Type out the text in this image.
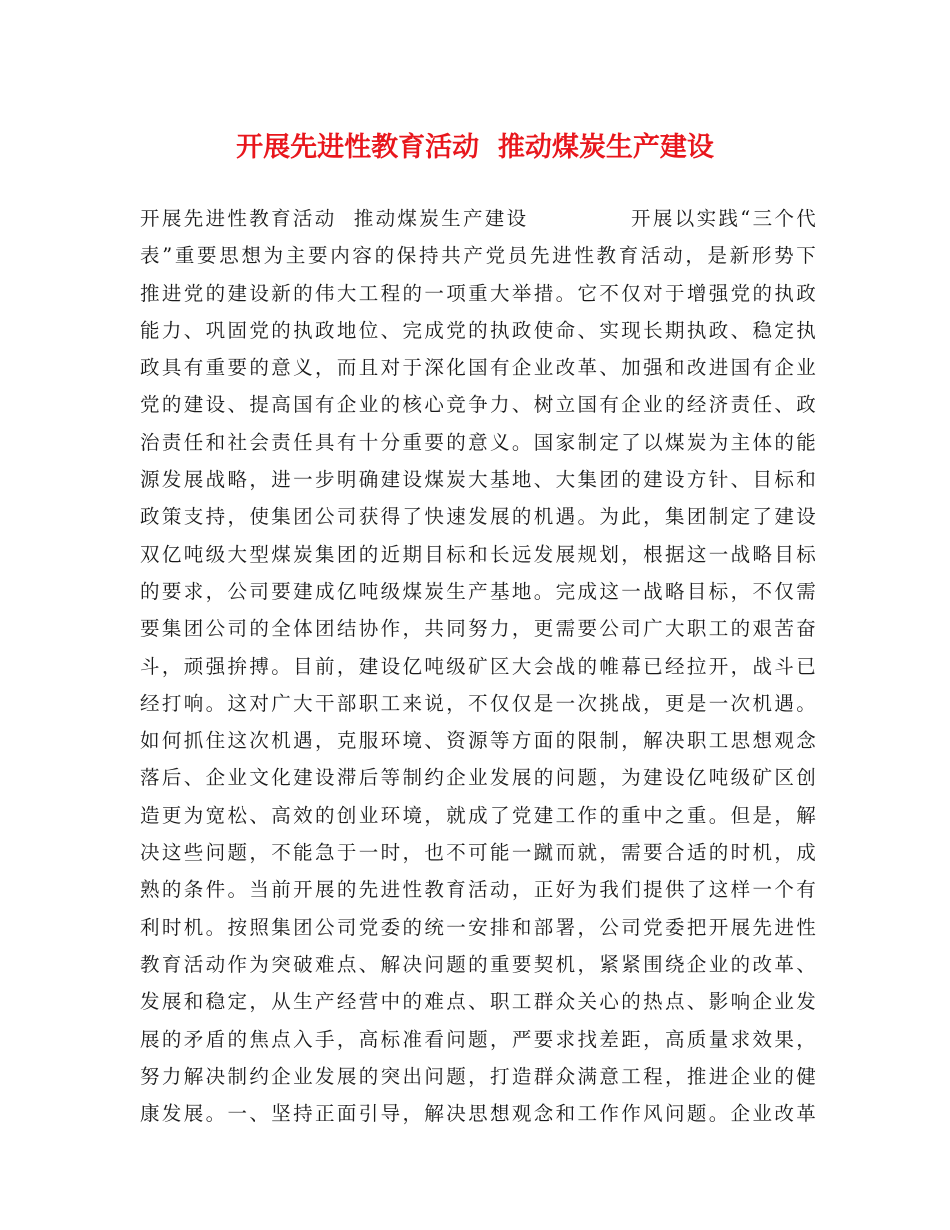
开展先进性教育活动  推动煤炭生产建设
开展先进性教育活动  推动煤炭生产建设            开展以实践“三个代
表”重要思想为主要内容的保持共产党员先进性教育活动，是新形势下
推进党的建设新的伟大工程的一项重大举措。它不仅对于增强党的执政
能力、巩固党的执政地位、完成党的执政使命、实现长期执政、稳定执
政具有重要的意义，而且对于深化国有企业改革、加强和改进国有企业
党的建设、提高国有企业的核心竞争力、树立国有企业的经济责任、政
治责任和社会责任具有十分重要的意义。国家制定了以煤炭为主体的能
源发展战略，进一步明确建设煤炭大基地、大集团的建设方针、目标和
政策支持，使集团公司获得了快速发展的机遇。为此，集团制定了建设
双亿吨级大型煤炭集团的近期目标和长远发展规划，根据这一战略目标
的要求，公司要建成亿吨级煤炭生产基地。完成这一战略目标，不仅需
要集团公司的全体团结协作，共同努力，更需要公司广大职工的艰苦奋
斗，顽强拚搏。目前，建设亿吨级矿区大会战的帷幕已经拉开，战斗已
经打响。这对广大干部职工来说，不仅仅是一次挑战，更是一次机遇。
如何抓住这次机遇，克服环境、资源等方面的限制，解决职工思想观念
落后、企业文化建设滞后等制约企业发展的问题，为建设亿吨级矿区创
造更为宽松、高效的创业环境，就成了党建工作的重中之重。但是，解
决这些问题，不能急于一时，也不可能一蹴而就，需要合适的时机，成
熟的条件。当前开展的先进性教育活动，正好为我们提供了这样一个有
利时机。按照集团公司党委的统一安排和部署，公司党委把开展先进性
教育活动作为突破难点、解决问题的重要契机，紧紧围绕企业的改革、
发展和稳定，从生产经营中的难点、职工群众关心的热点、影响企业发
展的矛盾的焦点入手，高标准看问题，严要求找差距，高质量求效果，
努力解决制约企业发展的突出问题，打造群众满意工程，推进企业的健
康发展。一、坚持正面引导，解决思想观念和工作作风问题。企业改革
